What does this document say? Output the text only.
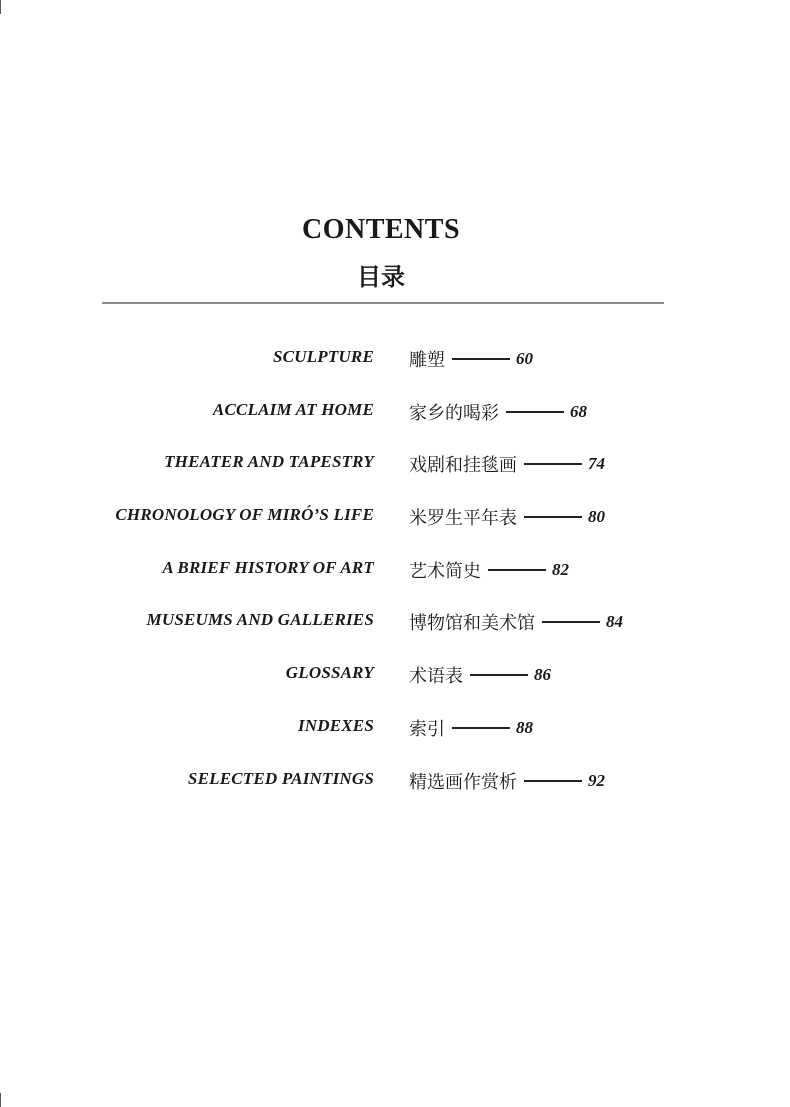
CONTENTS
目录
SCULPTURE 雕塑	60
ACCLAIM AT HOME 家乡的喝彩	68
THEATER AND TAPESTRY 戏剧和挂毯画	74
CHRONOLOGY OF MIRÓ’S LIFE 米罗生平年表	80
A BRIEF HISTORY OF ART 艺术简史	82
MUSEUMS AND GALLERIES 博物馆和美术馆	84
GLOSSARY 术语表	86
INDEXES 索引	88
SELECTED PAINTINGS 精选画作赏析	92
